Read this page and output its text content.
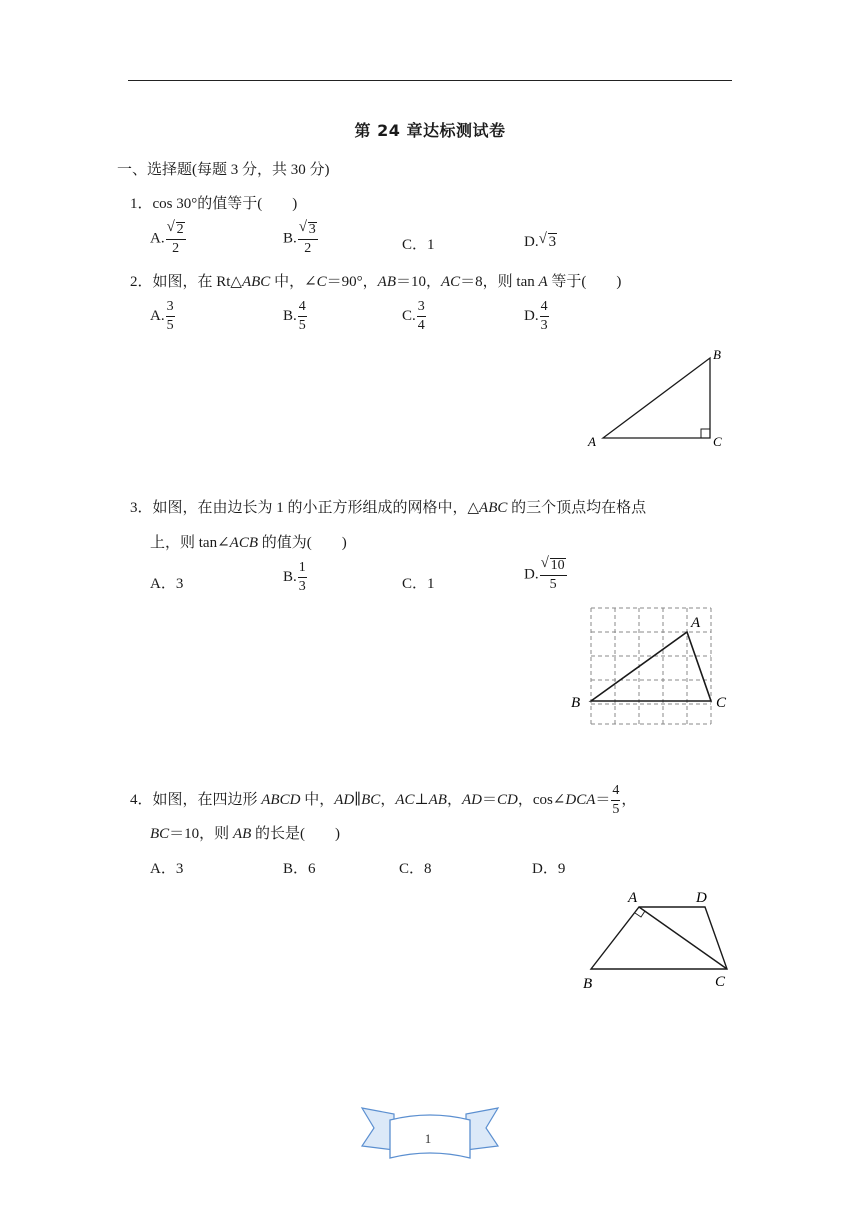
第 24 章达标测试卷
一、选择题(每题 3 分，共 30 分)
1．cos 30°的值等于(　　)
A. $\frac{√ 2}{2}$	B. $\frac{√ 3}{2}$	C．1	D. √ 3
2．如图，在 Rt△ABC 中，∠C＝90°，AB＝10，AC＝8，则 tan A 等于(　　)
A. $\frac{3}{5}$	B. $\frac{4}{5}$	C. $\frac{3}{4}$	D. $\frac{4}{3}$
A
B
C
3．如图，在由边长为 1 的小正方形组成的网格中，△ABC 的三个顶点均在格点
上，则 tan∠ACB 的值为(　　)
A．3	B. $\frac{1}{3}$	C．1
D. $\frac{√ 10}{5}$
A
B	C
4．如图，在四边形 ABCD 中，AD∥BC，AC⊥AB，AD＝CD，cos∠DCA＝ $\frac{4}{5}$ ，
BC＝10，则 AB 的长是(　　)
A．3	B．6	C．8	D．9
A	D
B	C
1
